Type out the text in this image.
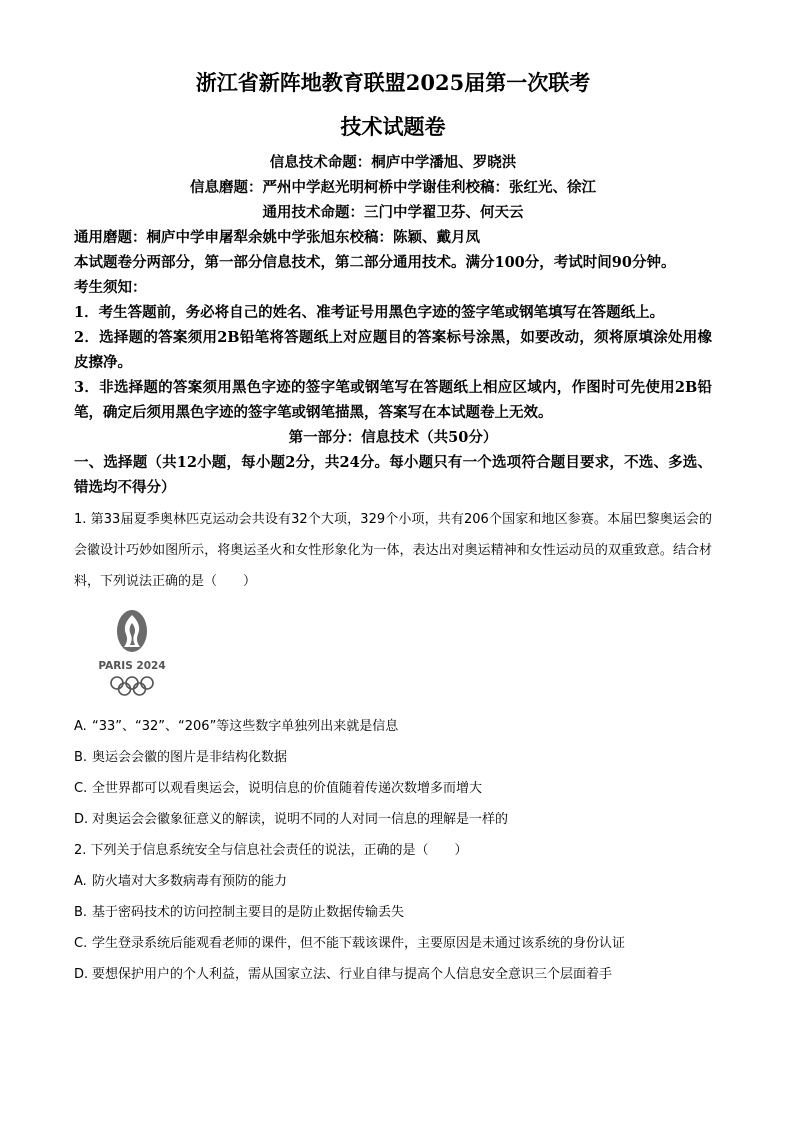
浙江省新阵地教育联盟2025届第一次联考
技术试题卷
信息技术命题：桐庐中学潘旭、罗晓洪
信息磨题：严州中学赵光明柯桥中学谢佳利校稿：张红光、徐江
通用技术命题：三门中学翟卫芬、何天云
通用磨题：桐庐中学申屠犁余姚中学张旭东校稿：陈颖、戴月凤
本试题卷分两部分，第一部分信息技术，第二部分通用技术。满分100分，考试时间90分钟。
考生须知：
1．考生答题前，务必将自己的姓名、准考证号用黑色字迹的签字笔或钢笔填写在答题纸上。
2．选择题的答案须用2B铅笔将答题纸上对应题目的答案标号涂黑，如要改动，须将原填涂处用橡皮擦净。
3．非选择题的答案须用黑色字迹的签字笔或钢笔写在答题纸上相应区域内，作图时可先使用2B铅笔，确定后须用黑色字迹的签字笔或钢笔描黑，答案写在本试题卷上无效。
第一部分：信息技术（共50分）
一、选择题（共12小题，每小题2分，共24分。每小题只有一个选项符合题目要求，不选、多选、错选均不得分）
1. 第33届夏季奥林匹克运动会共设有32个大项，329个小项，共有206个国家和地区参赛。本届巴黎奥运会的会徽设计巧妙如图所示，将奥运圣火和女性形象化为一体，表达出对奥运精神和女性运动员的双重致意。结合材料，下列说法正确的是（　　）
PARIS 2024
A. “33”、“32”、“206”等这些数字单独列出来就是信息
B. 奥运会会徽的图片是非结构化数据
C. 全世界都可以观看奥运会，说明信息的价值随着传递次数增多而增大
D. 对奥运会会徽象征意义的解读，说明不同的人对同一信息的理解是一样的
2. 下列关于信息系统安全与信息社会责任的说法，正确的是（　　）
A. 防火墙对大多数病毒有预防的能力
B. 基于密码技术的访问控制主要目的是防止数据传输丢失
C. 学生登录系统后能观看老师的课件，但不能下载该课件，主要原因是未通过该系统的身份认证
D. 要想保护用户的个人利益，需从国家立法、行业自律与提高个人信息安全意识三个层面着手
